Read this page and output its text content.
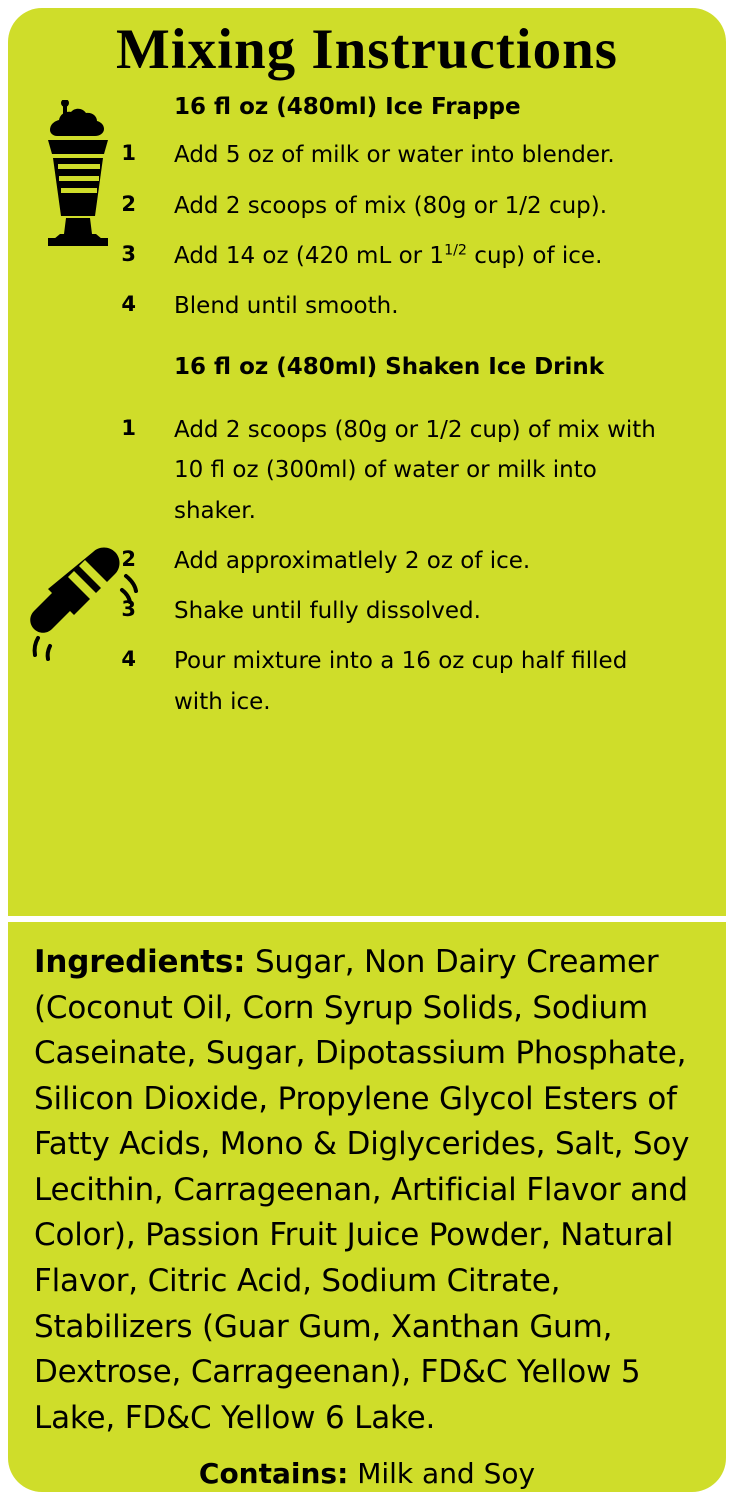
Mixing Instructions
16 fl oz (480ml) Ice Frappe
1 Add 5 oz of milk or water into blender.
2 Add 2 scoops of mix (80g or 1/2 cup).
3 Add 14 oz (420 mL or $1^{1/2}$ cup) of ice.
4 Blend until smooth.
16 fl oz (480ml) Shaken Ice Drink
1 Add 2 scoops (80g or 1/2 cup) of mix with 10 fl oz (300ml) of water or milk into shaker.
2 Add approximatlely 2 oz of ice.
3 Shake until fully dissolved.
4 Pour mixture into a 16 oz cup half filled with ice.

Ingredients: Sugar, Non Dairy Creamer (Coconut Oil, Corn Syrup Solids, Sodium Caseinate, Sugar, Dipotassium Phosphate, Silicon Dioxide, Propylene Glycol Esters of Fatty Acids, Mono & Diglycerides, Salt, Soy Lecithin, Carrageenan, Artificial Flavor and Color), Passion Fruit Juice Powder, Natural Flavor, Citric Acid, Sodium Citrate, Stabilizers (Guar Gum, Xanthan Gum, Dextrose, Carrageenan), FD&C Yellow 5 Lake, FD&C Yellow 6 Lake.

Contains: Milk and Soy
